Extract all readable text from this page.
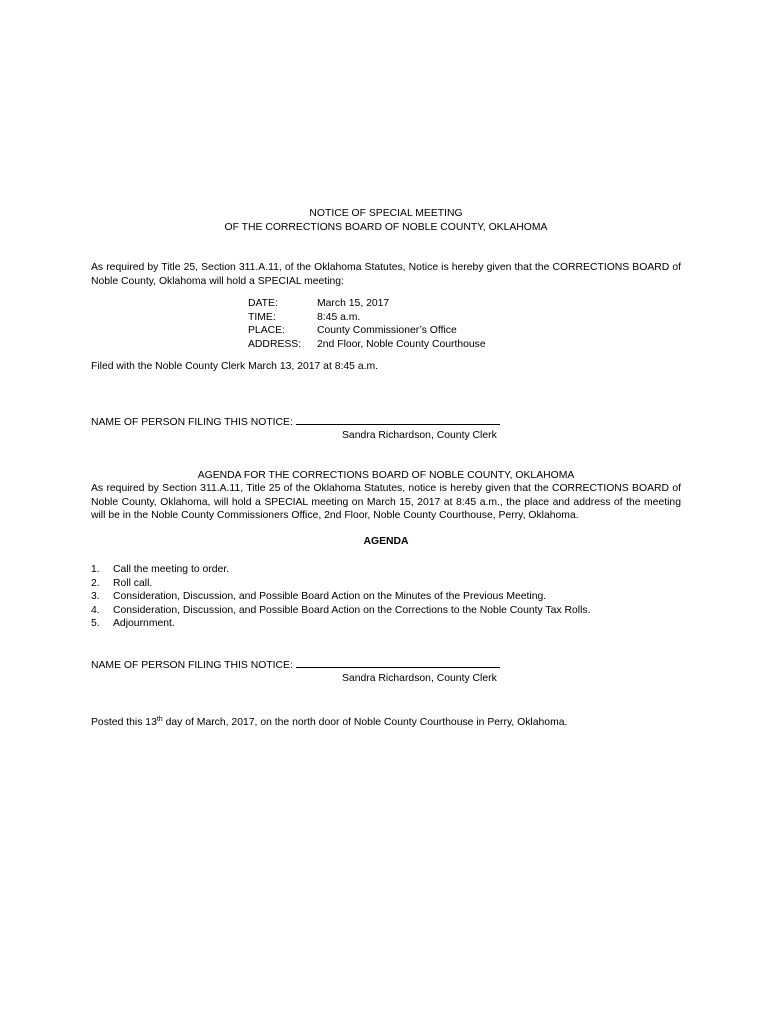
NOTICE OF SPECIAL MEETING
OF THE CORRECTIONS BOARD OF NOBLE COUNTY, OKLAHOMA

As required by Title 25, Section 311.A.11, of the Oklahoma Statutes, Notice is hereby given that the CORRECTIONS BOARD of Noble County, Oklahoma will hold a SPECIAL meeting:

DATE:	March 15, 2017
TIME:	8:45 a.m.
PLACE:	County Commissioner’s Office
ADDRESS:	2nd Floor, Noble County Courthouse
Filed with the Noble County Clerk March 13, 2017 at 8:45 a.m.
NAME OF PERSON FILING THIS NOTICE:
Sandra Richardson, County Clerk
AGENDA FOR THE CORRECTIONS BOARD OF NOBLE COUNTY, OKLAHOMA
As required by Section 311.A.11, Title 25 of the Oklahoma Statutes, notice is hereby given that the CORRECTIONS BOARD of Noble County, Oklahoma, will hold a SPECIAL meeting on March 15, 2017 at 8:45 a.m., the place and address of the meeting will be in the Noble County Commissioners Office, 2nd Floor, Noble County Courthouse, Perry, Oklahoma.
AGENDA
1.	Call the meeting to order.
2.	Roll call.
3.	Consideration, Discussion, and Possible Board Action on the Minutes of the Previous Meeting.
4.	Consideration, Discussion, and Possible Board Action on the Corrections to the Noble County Tax Rolls.
5.	Adjournment.
NAME OF PERSON FILING THIS NOTICE:
Sandra Richardson, County Clerk
Posted this 13th day of March, 2017, on the north door of Noble County Courthouse in Perry, Oklahoma.
